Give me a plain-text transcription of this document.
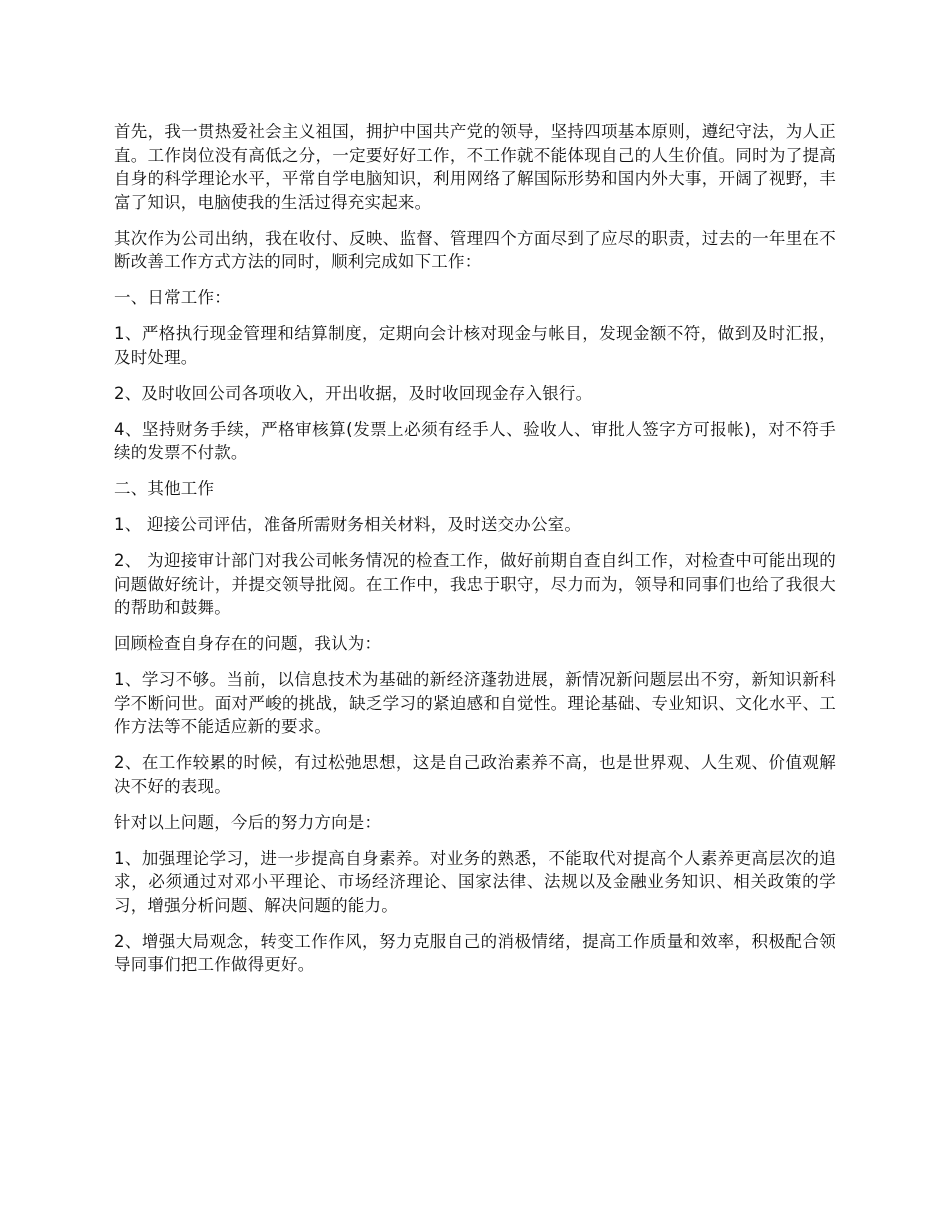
首先，我一贯热爱社会主义祖国，拥护中国共产党的领导，坚持四项基本原则，遵纪守法，为人正直。工作岗位没有高低之分，一定要好好工作，不工作就不能体现自己的人生价值。同时为了提高自身的科学理论水平，平常自学电脑知识，利用网络了解国际形势和国内外大事，开阔了视野，丰富了知识，电脑使我的生活过得充实起来。

其次作为公司出纳，我在收付、反映、监督、管理四个方面尽到了应尽的职责，过去的一年里在不断改善工作方式方法的同时，顺利完成如下工作：

一、日常工作：

1、严格执行现金管理和结算制度，定期向会计核对现金与帐目，发现金额不符，做到及时汇报，及时处理。

2、及时收回公司各项收入，开出收据，及时收回现金存入银行。

4、坚持财务手续，严格审核算(发票上必须有经手人、验收人、审批人签字方可报帐)，对不符手续的发票不付款。

二、其他工作

1、 迎接公司评估，准备所需财务相关材料，及时送交办公室。

2、 为迎接审计部门对我公司帐务情况的检查工作，做好前期自查自纠工作，对检查中可能出现的问题做好统计，并提交领导批阅。在工作中，我忠于职守，尽力而为，领导和同事们也给了我很大的帮助和鼓舞。

回顾检查自身存在的问题，我认为：

1、学习不够。当前，以信息技术为基础的新经济蓬勃进展，新情况新问题层出不穷，新知识新科学不断问世。面对严峻的挑战，缺乏学习的紧迫感和自觉性。理论基础、专业知识、文化水平、工作方法等不能适应新的要求。

2、在工作较累的时候，有过松弛思想，这是自己政治素养不高，也是世界观、人生观、价值观解决不好的表现。

针对以上问题，今后的努力方向是：

1、加强理论学习，进一步提高自身素养。对业务的熟悉，不能取代对提高个人素养更高层次的追求，必须通过对邓小平理论、市场经济理论、国家法律、法规以及金融业务知识、相关政策的学习，增强分析问题、解决问题的能力。

2、增强大局观念，转变工作作风，努力克服自己的消极情绪，提高工作质量和效率，积极配合领导同事们把工作做得更好。
